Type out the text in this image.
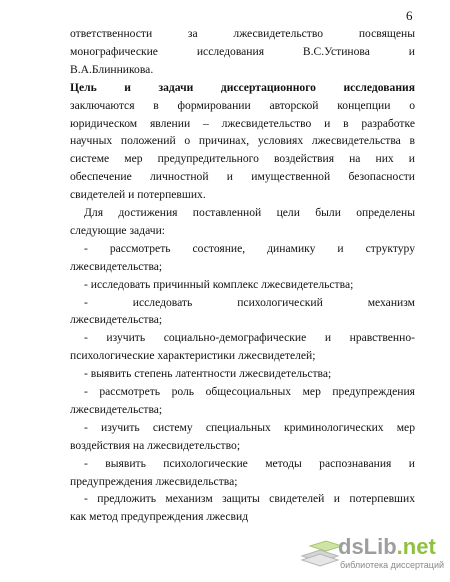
6
ответственности за лжесвидетельство посвящены
монографические исследования В.С.Устинова и
В.А.Блинникова.
Цель и задачи диссертационного исследования
заключаются в формировании авторской концепции о
юридическом явлении – лжесвидетельство и в разработке
научных положений о причинах, условиях лжесвидетельства в
системе мер предупредительного воздействия на них и
обеспечение личностной и имущественной безопасности
свидетелей и потерпевших.
Для достижения поставленной цели были определены
следующие задачи:
- рассмотреть состояние, динамику и структуру
лжесвидетельства;
- исследовать причинный комплекс лжесвидетельства;
- исследовать психологический механизм
лжесвидетельства;
- изучить социально-демографические и нравственно-
психологические характеристики лжесвидетелей;
- выявить степень латентности лжесвидетельства;
- рассмотреть роль общесоциальных мер предупреждения
лжесвидетельства;
- изучить систему специальных криминологических мер
воздействия на лжесвидетельство;
- выявить психологические методы распознавания и
предупреждения лжесвидельства;
- предложить механизм защиты свидетелей и потерпевших
как метод предупреждения лжесвид
dsLib.net
библиотека диссертаций
